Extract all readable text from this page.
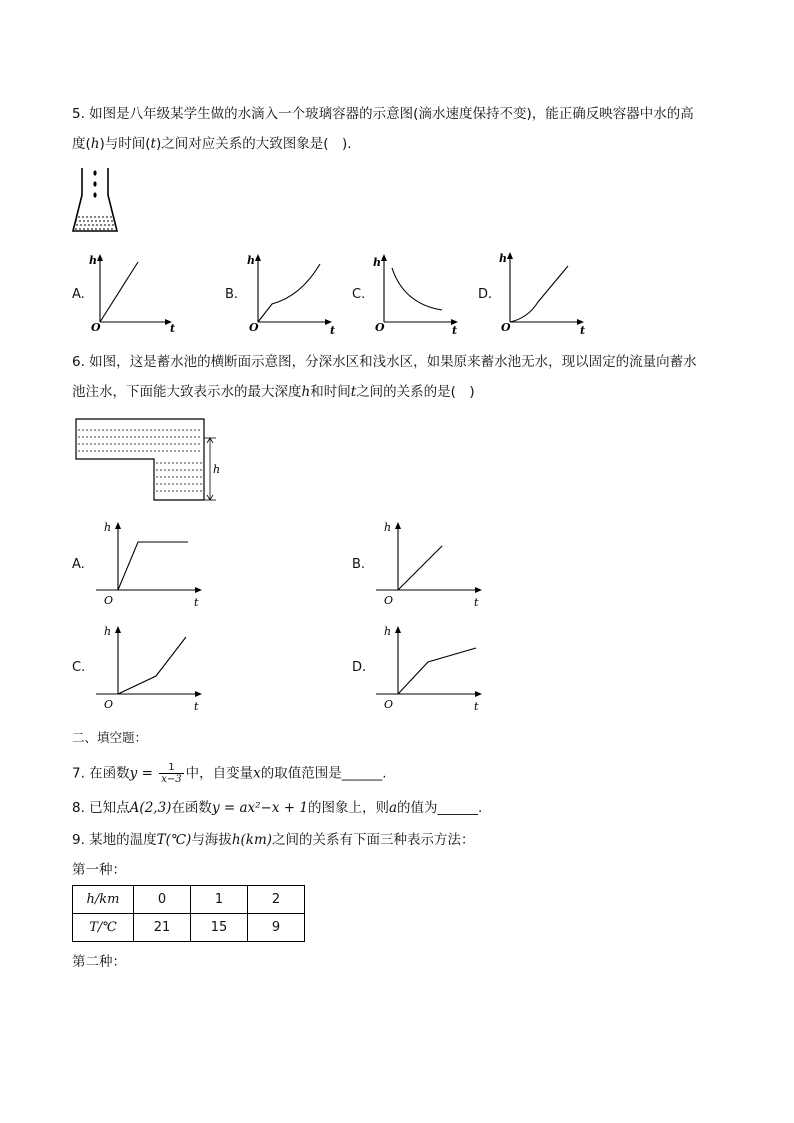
5. 如图是八年级某学生做的水滴入一个玻璃容器的示意图(滴水速度保持不变)，能正确反映容器中水的高
度(h)与时间(t)之间对应关系的大致图象是(　).
A.	B.	C.	D.
h
O	t
h
O	t
h
O	t
h
O	t
6. 如图，这是蓄水池的横断面示意图，分深水区和浅水区，如果原来蓄水池无水，现以固定的流量向蓄水
池注水，下面能大致表示水的最大深度h和时间t之间的关系的是(　)
h
A.	B.
C.	D.
h
O	t
h
O	t
h
O	t
h
O	t
二、填空题：
7. 在函数$y = \frac{1}{x-3}$ 中，自变量x的取值范围是______.
8. 已知点A(2,3)在函数y = ax²−x + 1的图象上，则a的值为______.
9. 某地的温度T(℃)与海拔h(km)之间的关系有下面三种表示方法：
第一种：
h/km	0	1	2
T/℃	21	15	9
第二种：
